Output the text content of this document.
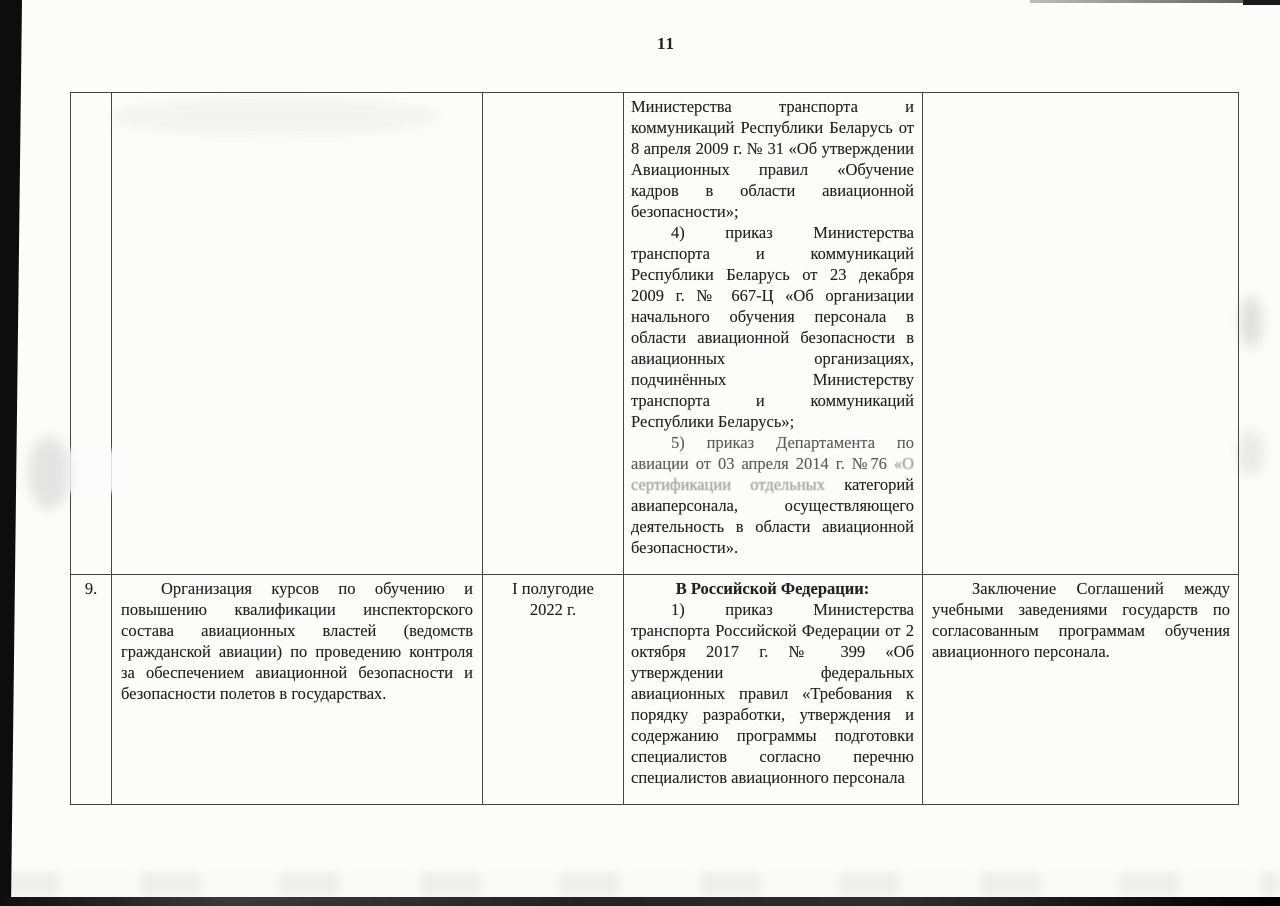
11

Министерства транспорта и коммуникаций Республики Беларусь от 8 апреля 2009 г. № 31 «Об утверждении Авиационных правил «Обучение кадров в области авиационной безопасности»;

4) приказ Министерства транспорта и коммуникаций Республики Беларусь от 23 декабря 2009 г. № 667-Ц «Об организации начального обучения персонала в области авиационной безопасности в авиационных организациях, подчинённых Министерству транспорта и коммуникаций Республики Беларусь»;

5) приказ Департамента по авиации от 03 апреля 2014 г. №76 «О сертификации отдельных категорий авиаперсонала, осуществляющего деятельность в области авиационной безопасности».

9.	Организация курсов по обучению и повышению квалификации инспекторского состава авиационных властей (ведомств гражданской авиации) по проведению контроля за обеспечением авиационной безопасности и безопасности полетов в государствах.

I полугодие
2022 г.

В Российской Федерации:

1) приказ Министерства транспорта Российской Федерации от 2 октября 2017 г. № 399 «Об утверждении федеральных авиационных правил «Требования к порядку разработки, утверждения и содержанию программы подготовки специалистов согласно перечню специалистов авиационного персонала

Заключение Соглашений между учебными заведениями государств по согласованным программам обучения авиационного персонала.
